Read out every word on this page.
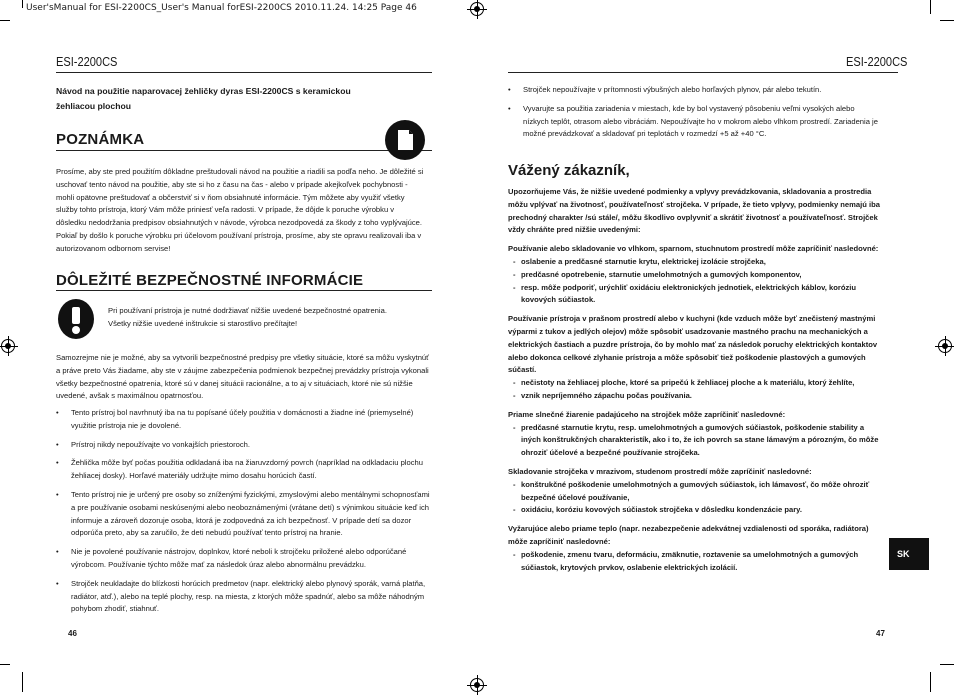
User'sManual for ESI-2200CS_User's Manual forESI-2200CS 2010.11.24. 14:25 Page 46
ESI-2200CS
Návod na použitie naparovacej žehličky dyras ESI-2200CS s keramickou žehliacou plochou
POZNÁMKA
Prosíme, aby ste pred použitím dôkladne preštudovali návod na použitie a riadili sa podľa neho. Je dôležité si uschovať tento návod na použitie, aby ste si ho z času na čas - alebo v prípade akejkoľvek pochybnosti - mohli opätovne preštudovať a občerstviť si v ňom obsiahnuté informácie. Tým môžete aby využiť všetky služby tohto prístroja, ktorý Vám môže priniesť veľa radosti. V prípade, že dôjde k poruche výrobku v dôsledku nedodržania predpisov obsiahnutých v návode, výrobca nezodpovedá za škody z toho vyplývajúce. Pokiaľ by došlo k poruche výrobku pri účelovom používaní prístroja, prosíme, aby ste opravu realizovali iba v autorizovanom odbornom servise!
DÔLEŽITÉ BEZPEČNOSTNÉ INFORMÁCIE
Pri používaní prístroja je nutné dodržiavať nižšie uvedené bezpečnostné opatrenia. Všetky nižšie uvedené inštrukcie si starostlivo prečítajte!
Samozrejme nie je možné, aby sa vytvorili bezpečnostné predpisy pre všetky situácie, ktoré sa môžu vyskytnúť a práve preto Vás žiadame, aby ste v záujme zabezpečenia podmienok bezpečnej prevádzky prístroja vykonali všetky bezpečnostné opatrenia, ktoré sú v danej situácii racionálne, a to aj v situáciach, ktoré nie sú nižšie uvedené, avšak s maximálnou opatrnosťou.
• Tento prístroj bol navrhnutý iba na tu popísané účely použitia v domácnosti a žiadne iné (priemyselné) využitie prístroja nie je dovolené.
• Prístroj nikdy nepoužívajte vo vonkajších priestoroch.
• Žehlička môže byť počas použitia odkladaná iba na žiaruvzdorný povrch (napríklad na odkladaciu plochu žehliacej dosky). Horľavé materiály udržujte mimo dosahu horúcich častí.
• Tento prístroj nie je určený pre osoby so zníženými fyzickými, zmyslovými alebo mentálnymi schopnosťami a pre používanie osobami neskúsenými alebo neoboznámenými (vrátane detí) s výnimkou situácie keď ich informuje a zároveň dozoruje osoba, ktorá je zodpovedná za ich bezpečnosť. V prípade detí sa dozor odporúča preto, aby sa zaručilo, že deti nebudú používať tento prístroj na hranie.
• Nie je povolené používanie nástrojov, doplnkov, ktoré neboli k strojčeku priložené alebo odporúčané výrobcom. Používanie týchto môže mať za následok úraz alebo abnormálnu prevádzku.
• Strojček neukladajte do blízkosti horúcich predmetov (napr. elektrický alebo plynový sporák, varná platňa, radiátor, atď.), alebo na teplé plochy, resp. na miesta, z ktorých môže spadnúť, alebo sa môže náhodným pohybom zhodiť, stiahnuť.
46
ESI-2200CS
• Strojček nepoužívajte v prítomnosti výbušných alebo horľavých plynov, pár alebo tekutín.
• Vyvarujte sa použitia zariadenia v miestach, kde by bol vystavený pôsobeniu veľmi vysokých alebo nízkych teplôt, otrasom alebo vibráciám. Nepoužívajte ho v mokrom alebo vlhkom prostredí. Zariadenia je možné prevádzkovať a skladovať pri teplotách v rozmedzí +5 až +40 °C.
Vážený zákazník,
Upozorňujeme Vás, že nižšie uvedené podmienky a vplyvy prevádzkovania, skladovania a prostredia môžu vplývať na životnosť, používateľnosť strojčeka. V prípade, že tieto vplyvy, podmienky nemajú iba prechodný charakter /sú stále/, môžu škodlivo ovplyvniť a skrátiť životnosť a používateľnosť. Strojček vždy chráňte pred nižšie uvedenými:
Používanie alebo skladovanie vo vlhkom, sparnom, stuchnutom prostredí môže zapríčiniť nasledovné:
- oslabenie a predčasné starnutie krytu, elektrickej izolácie strojčeka,
- predčasné opotrebenie, starnutie umelohmotných a gumových komponentov,
- resp. môže podporiť, urýchliť oxidáciu elektronických jednotiek, elektrických káblov, koróziu kovových súčiastok.
Používanie prístroja v prašnom prostredí alebo v kuchyni (kde vzduch môže byť znečistený mastnými výparmi z tukov a jedlých olejov) môže spôsobiť usadzovanie mastného prachu na mechanických a elektrických častiach a puzdre prístroja, čo by mohlo mať za následok poruchy elektrických kontaktov alebo dokonca celkové zlyhanie prístroja a môže spôsobiť tiež poškodenie plastových a gumových súčastí.
- nečistoty na žehliacej ploche, ktoré sa pripečú k žehliacej ploche a k materiálu, ktorý žehlíte,
- vznik nepríjemného zápachu počas používania.
Priame slnečné žiarenie padajúceho na strojček môže zapríčiniť nasledovné:
- predčasné starnutie krytu, resp. umelohmotných a gumových súčiastok, poškodenie stability a iných konštrukčných charakteristík, ako i to, že ich povrch sa stane lámavým a pórozným, čo môže ohroziť účelové a bezpečné používanie strojčeka.
Skladovanie strojčeka v mrazivom, studenom prostredí môže zapríčiniť nasledovné:
- konštrukčné poškodenie umelohmotných a gumových súčiastok, ich lámavosť, čo môže ohroziť bezpečné účelové používanie,
- oxidáciu, koróziu kovových súčiastok strojčeka v dôsledku kondenzácie pary.
Vyžarujúce alebo priame teplo (napr. nezabezpečenie adekvátnej vzdialenosti od sporáka, radiátora) môže zapríčiniť nasledovné:
- poškodenie, zmenu tvaru, deformáciu, zmäknutie, roztavenie sa umelohmotných a gumových súčiastok, krytových prvkov, oslabenie elektrických izolácií.
SK
47
